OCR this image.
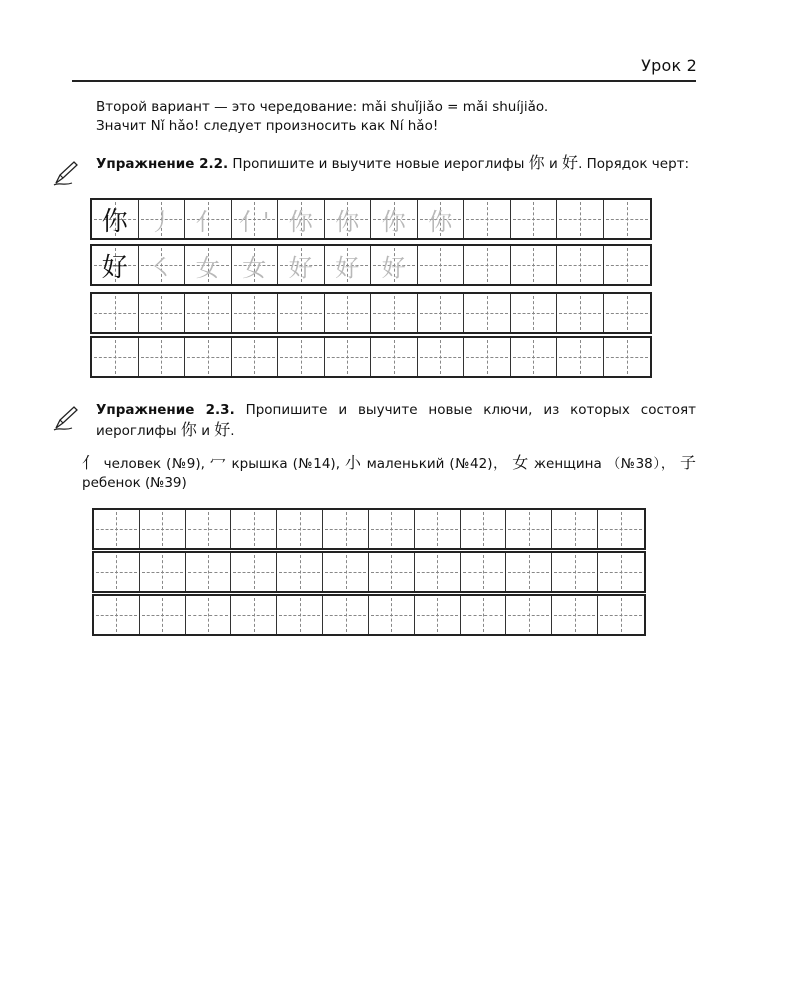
Урок 2
Второй вариант — это чередование: mǎi shuǐjiǎo = mǎi shuíjiǎo.
Значит Nǐ hǎo! следует произносить как Ní hǎo!
Упражнение 2.2. Пропишите и выучите новые иероглифы 你 и 好. Порядок черт:
你 丿 亻 亻' 你 你 你 你
好 ㇛ 女 女 好 好 好
Упражнение 2.3. Пропишите и выучите новые ключи, из которых состоят иероглифы 你 и 好.
亻 человек (№9), 冖 крышка (№14), 小 маленький (№42)， 女 женщина （№38）， 子 ребенок (№39)
